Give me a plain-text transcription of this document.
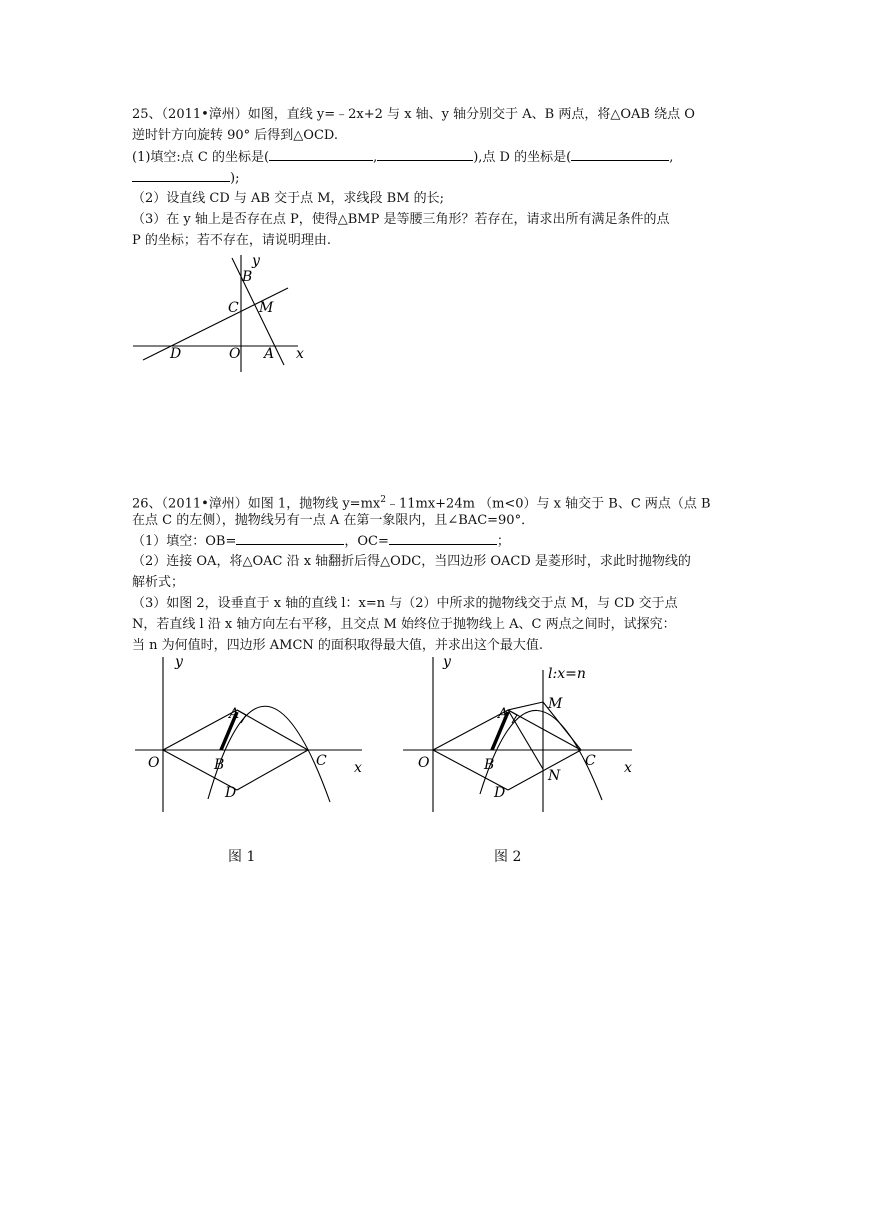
25、（2011•漳州）如图，直线 y=﹣2x+2 与 x 轴、y 轴分别交于 A、B 两点，将△OAB 绕点 O
逆时针方向旋转 90° 后得到△OCD.
(1)填空:点 C 的坐标是(	,	),点 D 的坐标是(	,
);
（2）设直线 CD 与 AB 交于点 M，求线段 BM 的长;
（3）在 y 轴上是否存在点 P，使得△BMP 是等腰三角形？若存在，请求出所有满足条件的点
P 的坐标；若不存在，请说明理由.
y
B
C M
D	O A x
26、（2011•漳州）如图 1，抛物线 $y=mx^2﹣11mx+24m$ （m<0）与 x 轴交于 B、C 两点（点 B
在点 C 的左侧），抛物线另有一点 A 在第一象限内，且∠BAC=90°．
（1）填空：OB=	，OC=	；
（2）连接 OA，将△OAC 沿 x 轴翻折后得△ODC，当四边形 OACD 是菱形时，求此时抛物线的
解析式；
（3）如图 2，设垂直于 x 轴的直线 l：x=n 与（2）中所求的抛物线交于点 M，与 CD 交于点
N，若直线 l 沿 x 轴方向左右平移，且交点 M 始终位于抛物线上 A、C 两点之间时，试探究：
当 n 为何值时，四边形 AMCN 的面积取得最大值，并求出这个最大值.
y
A
O	B	C x
D
图 1
y
l:x=n
M
A
O	B
N
C x
D
图 2
